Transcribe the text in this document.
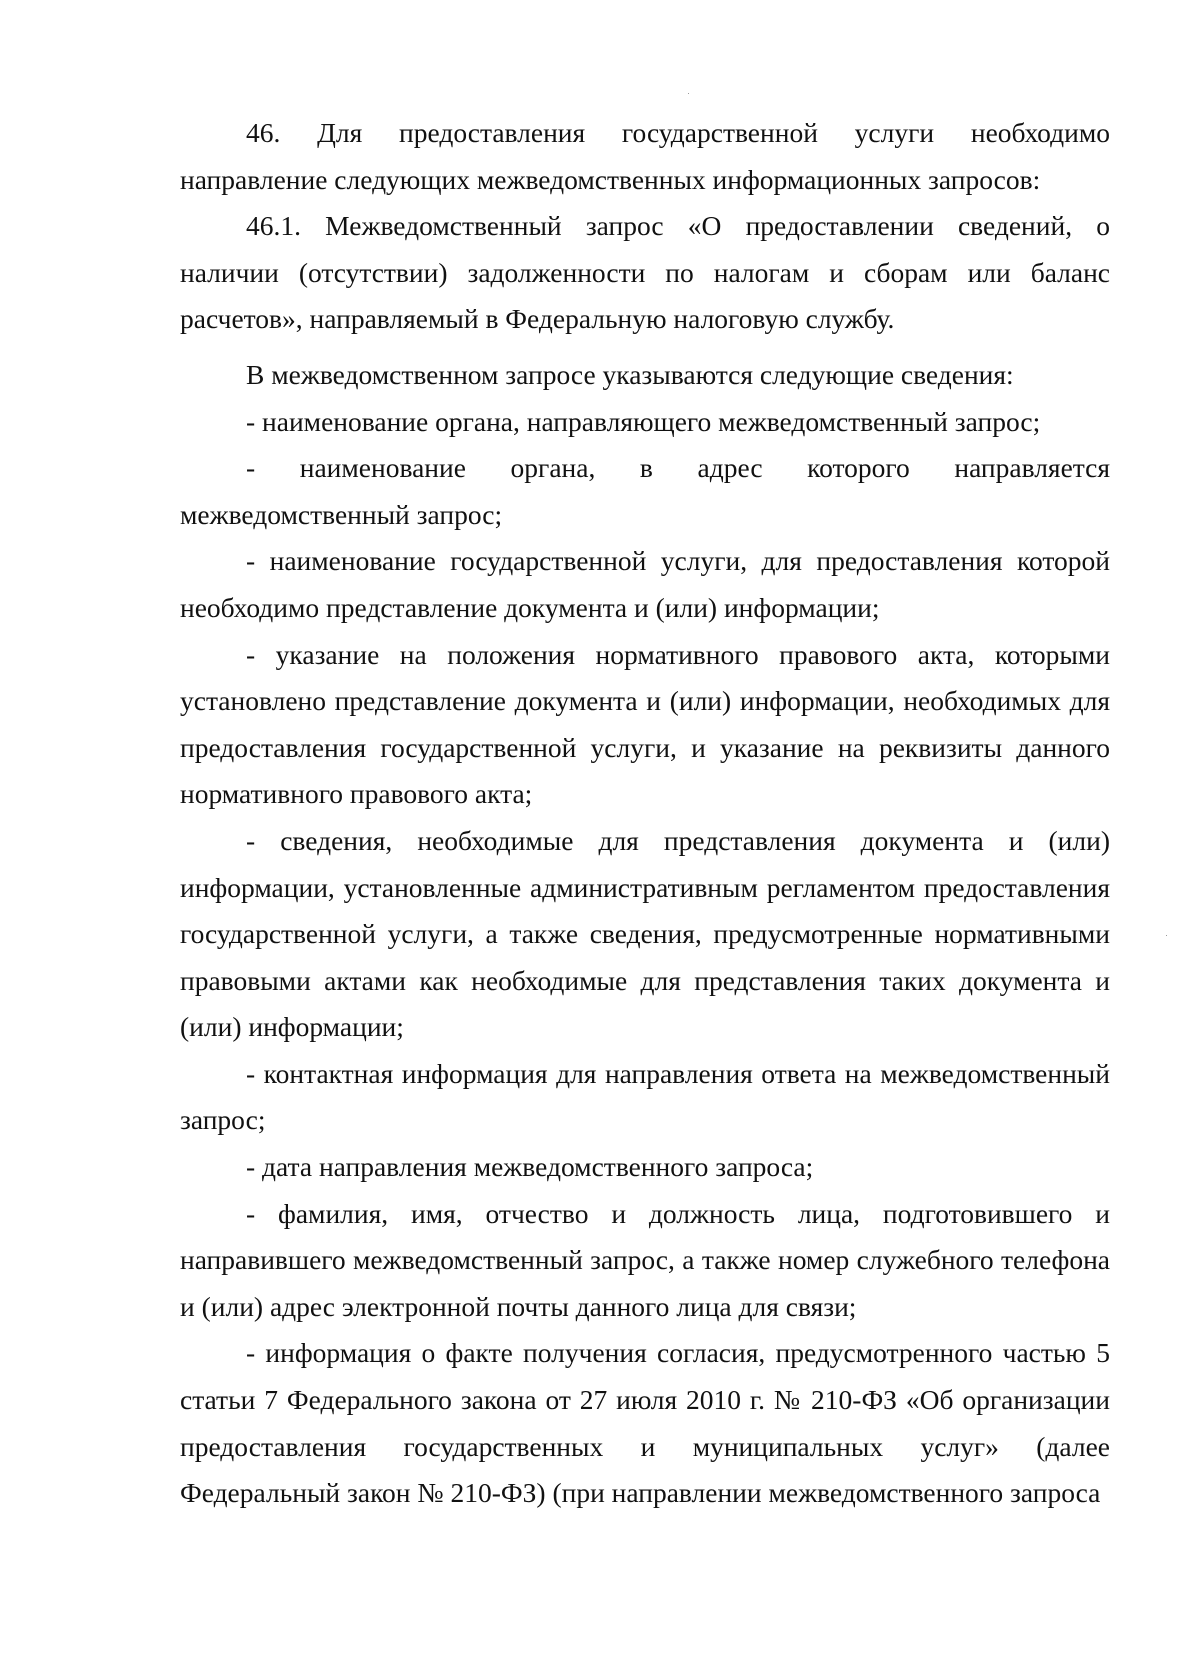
46. Для предоставления государственной услуги необходимо направление следующих межведомственных информационных запросов:

46.1. Межведомственный запрос «О предоставлении сведений, о наличии (отсутствии) задолженности по налогам и сборам или баланс расчетов», направляемый в Федеральную налоговую службу.

В межведомственном запросе указываются следующие сведения:

- наименование органа, направляющего межведомственный запрос;

- наименование органа, в адрес которого направляется межведомственный запрос;

- наименование государственной услуги, для предоставления которой необходимо представление документа и (или) информации;

- указание на положения нормативного правового акта, которыми установлено представление документа и (или) информации, необходимых для предоставления государственной услуги, и указание на реквизиты данного нормативного правового акта;

- сведения, необходимые для представления документа и (или) информации, установленные административным регламентом предоставления государственной услуги, а также сведения, предусмотренные нормативными правовыми актами как необходимые для представления таких документа и (или) информации;

- контактная информация для направления ответа на межведомственный запрос;

- дата направления межведомственного запроса;

- фамилия, имя, отчество и должность лица, подготовившего и направившего межведомственный запрос, а также номер служебного телефона и (или) адрес электронной почты данного лица для связи;

- информация о факте получения согласия, предусмотренного частью 5 статьи 7 Федерального закона от 27 июля 2010 г. № 210-ФЗ «Об организации предоставления государственных и муниципальных услуг» (далее Федеральный закон № 210-ФЗ) (при направлении межведомственного запроса
